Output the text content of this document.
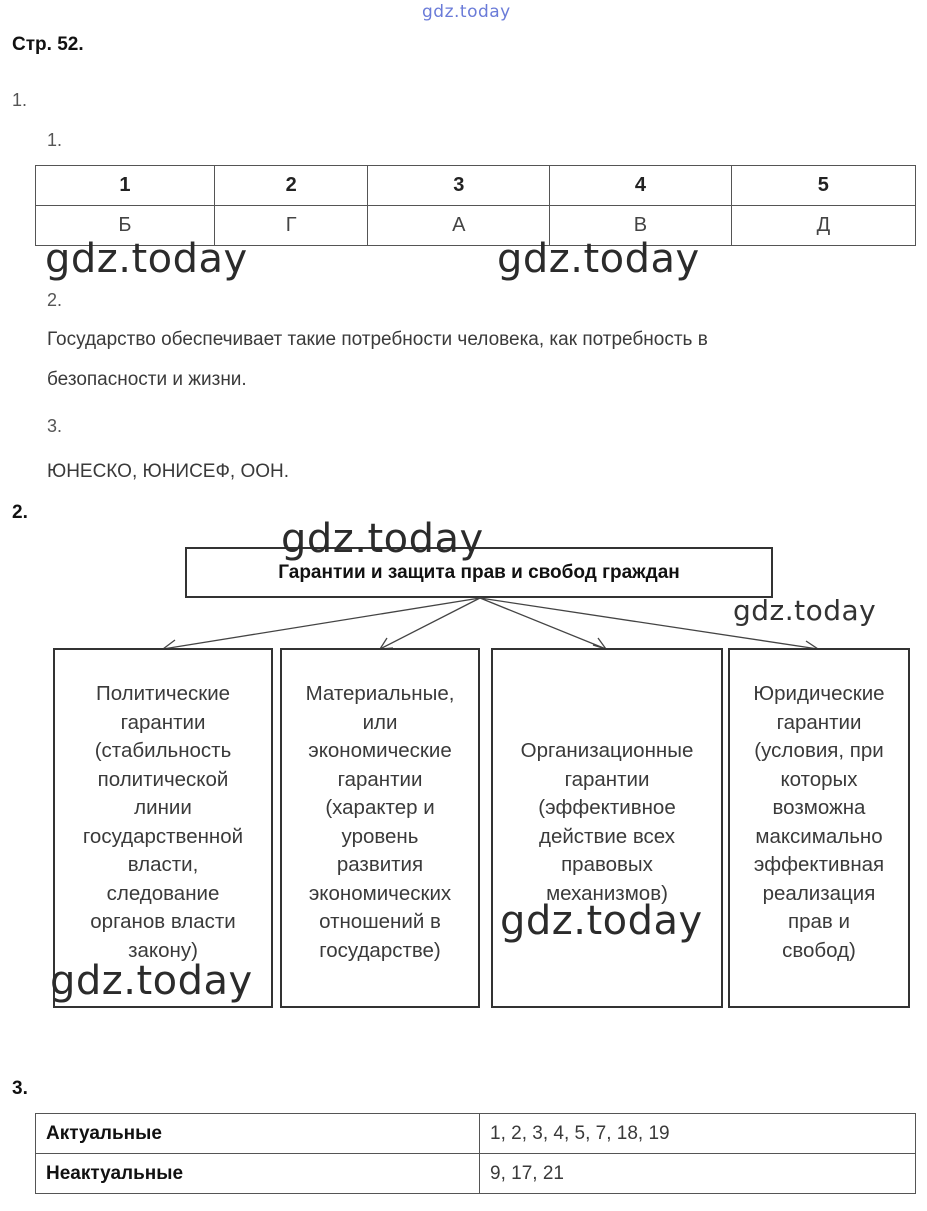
gdz.today
Стр. 52.
1.
1.
1	2	3	4	5
Б	Г	А	В	Д
gdz.today	gdz.today
2.
Государство обеспечивает такие потребности человека, как потребность в
безопасности и жизни.
3.
ЮНЕСКО, ЮНИСЕФ, ООН.
2.
Гарантии и защита прав и свобод граждан
gdz.today
gdz.today
Политические
гарантии
(стабильность
политической
линии
государственной
власти,
следование
органов власти
закону)
Материальные,
или
экономические
гарантии
(характер и
уровень
развития
экономических
отношений в
государстве)
Организационные
гарантии
(эффективное
действие всех
правовых
механизмов)
Юридические
гарантии
(условия, при
которых
возможна
максимально
эффективная
реализация
прав и
свобод)
gdz.today
gdz.today
3.
Актуальные	1, 2, 3, 4, 5, 7, 18, 19
Неактуальные	9, 17, 21
